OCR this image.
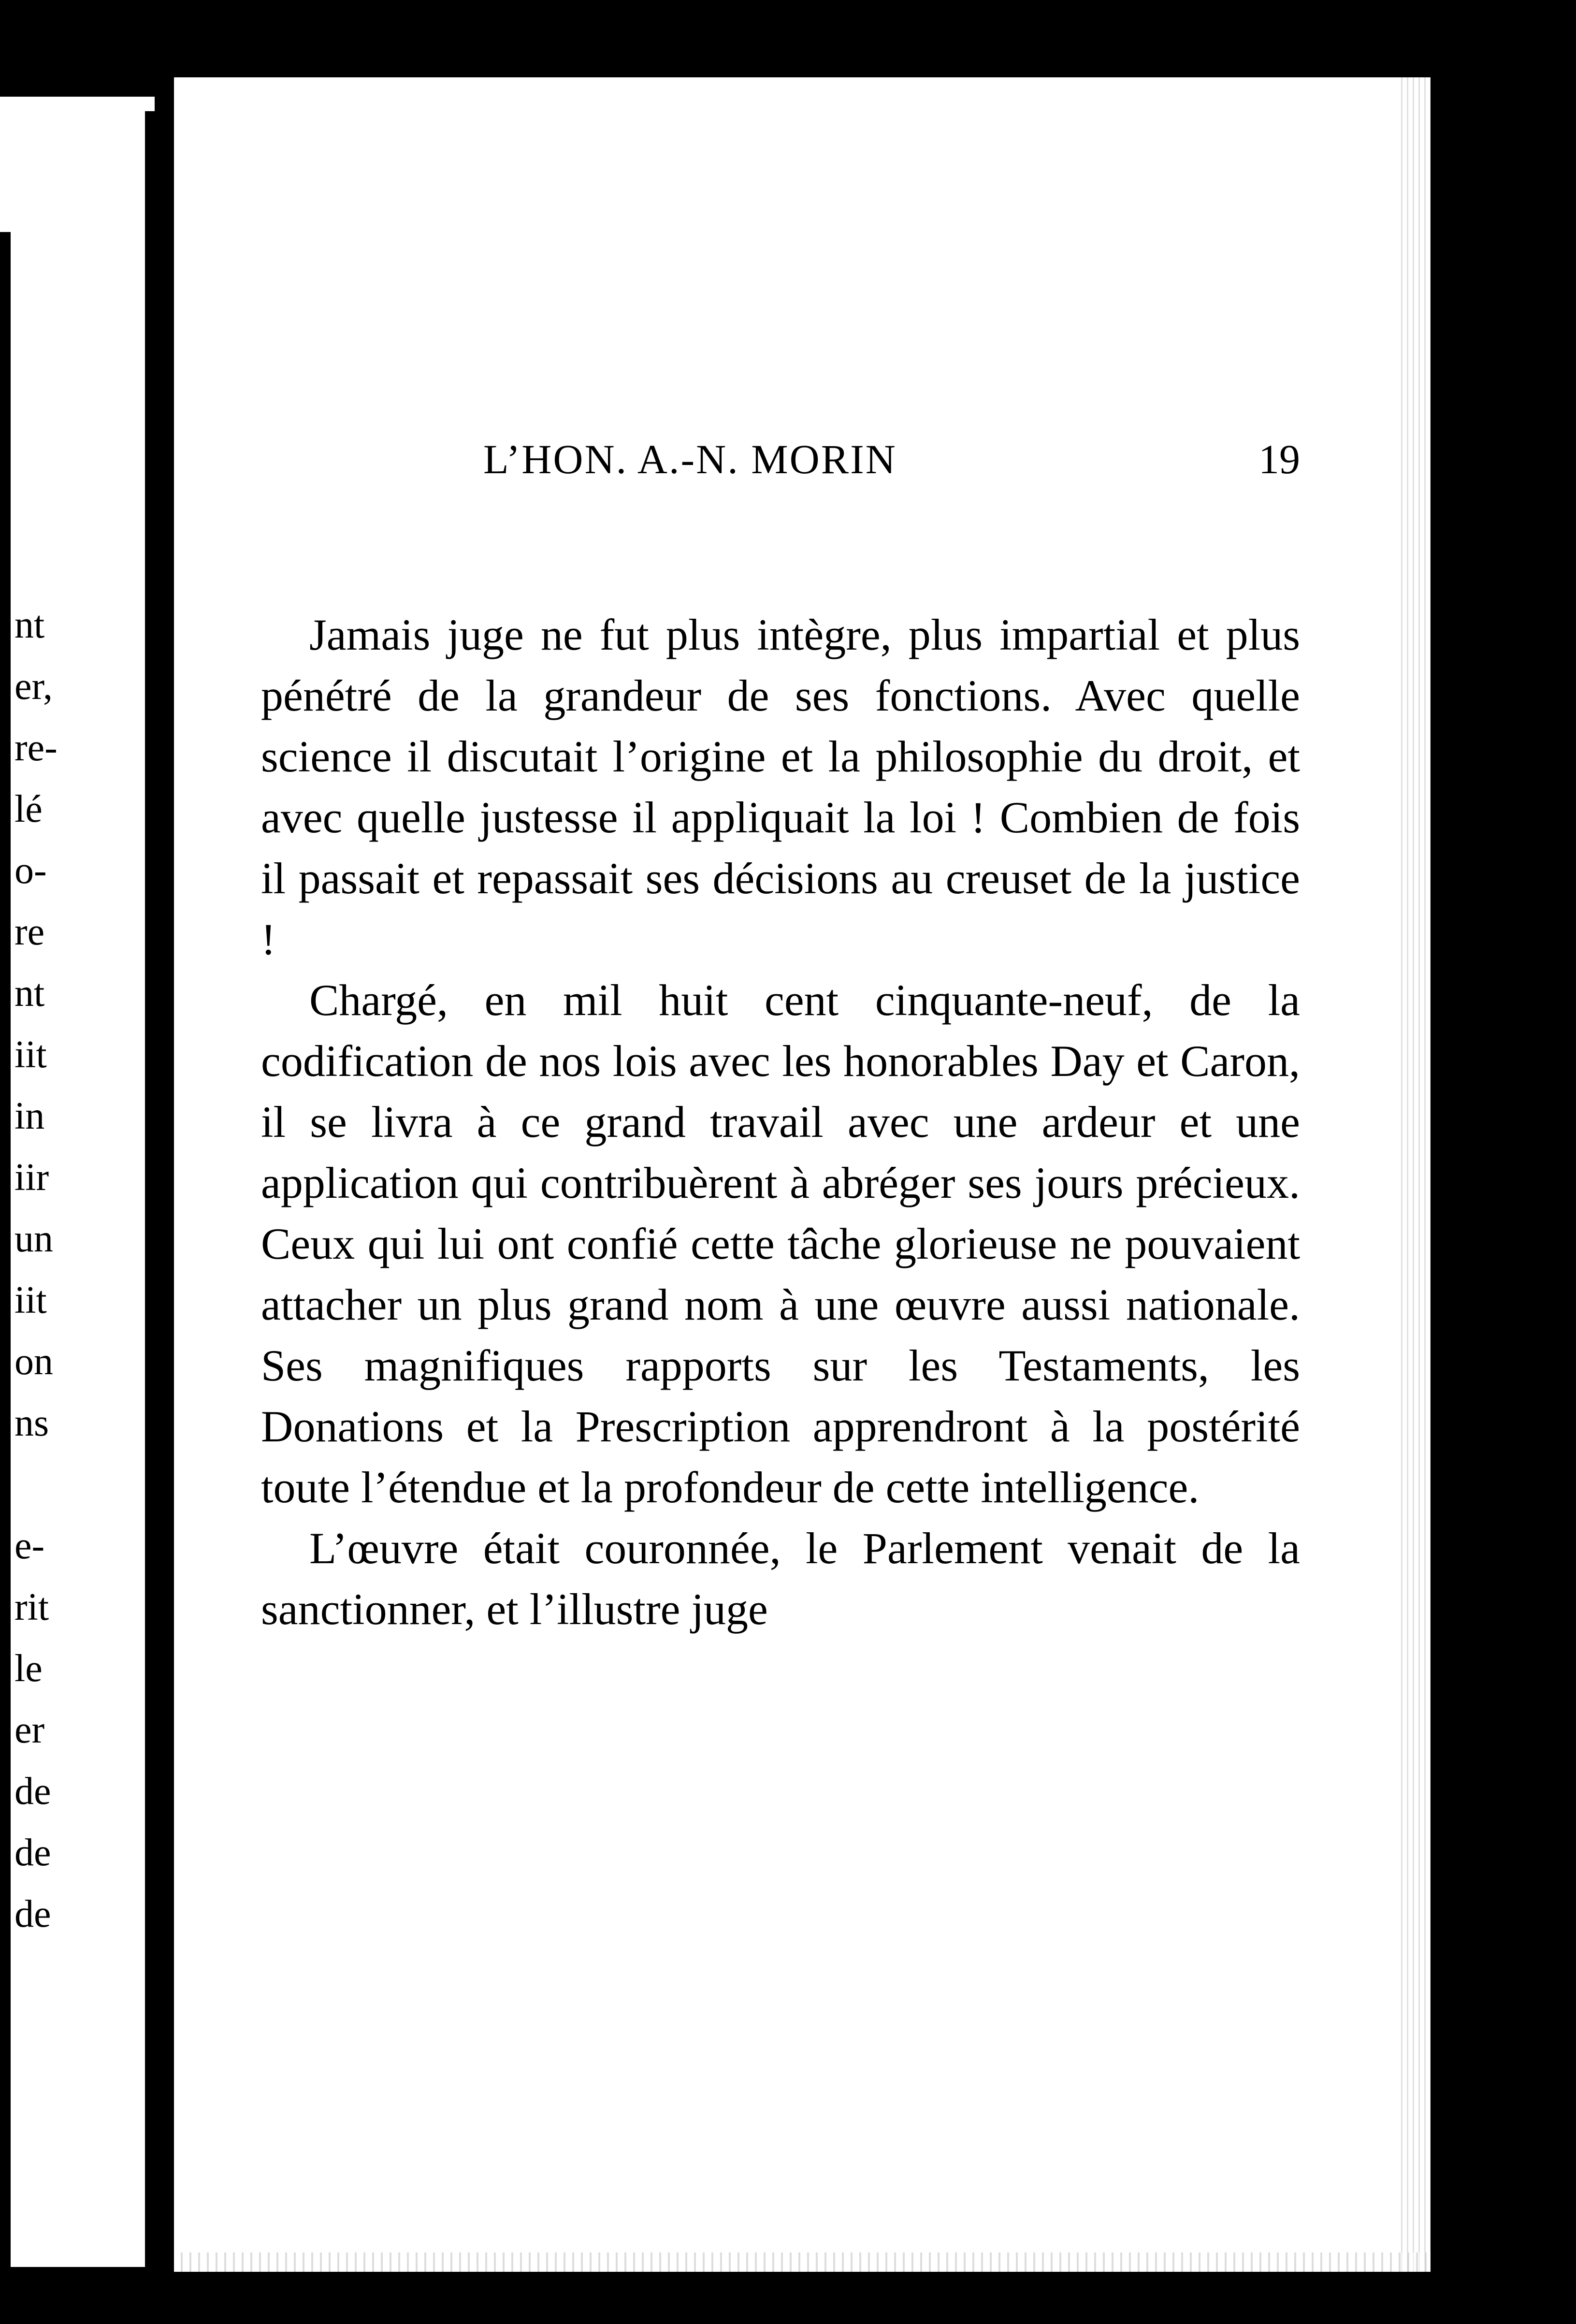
nt
er,
re-
lé
o-
re
nt
iit
in
iir
un
iit
on
ns
e-
rit
le
er
de
de
de
L’HON. A.-N. MORIN	19

Jamais juge ne fut plus intègre, plus impartial et plus pénétré de la grandeur de ses fonctions. Avec quelle science il discutait l’origine et la philosophie du droit, et avec quelle justesse il appliquait la loi ! Combien de fois il passait et repassait ses décisions au creuset de la justice !

Chargé, en mil huit cent cinquante-neuf, de la codification de nos lois avec les honorables Day et Caron, il se livra à ce grand travail avec une ardeur et une application qui contribuèrent à abréger ses jours précieux. Ceux qui lui ont confié cette tâche glorieuse ne pouvaient attacher un plus grand nom à une œuvre aussi nationale. Ses magnifiques rapports sur les Testaments, les Donations et la Prescription apprendront à la postérité toute l’étendue et la profondeur de cette intelligence.

L’œuvre était couronnée, le Parlement venait de la sanctionner, et l’illustre juge
